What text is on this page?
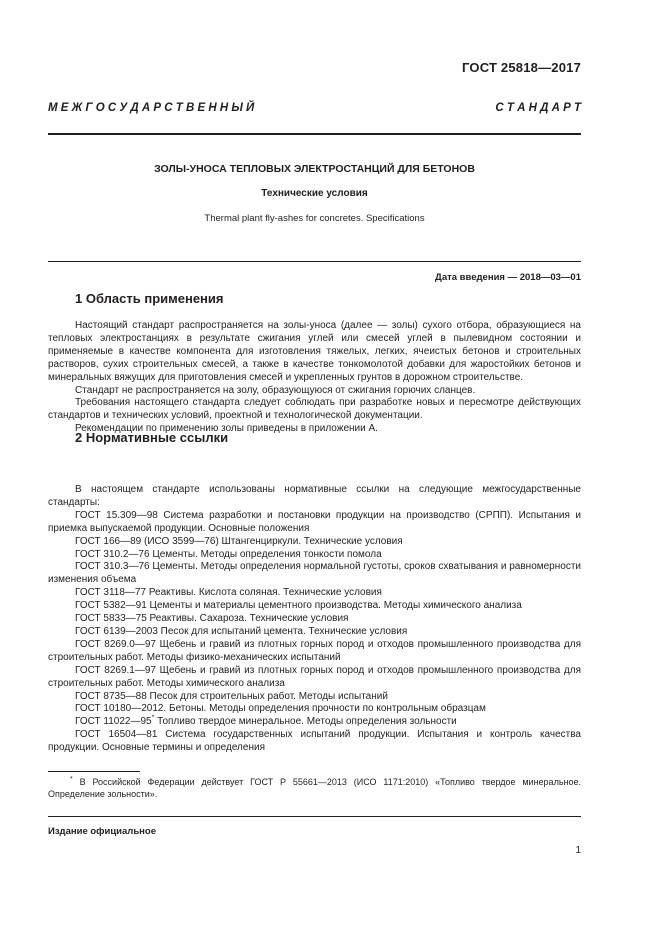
ГОСТ 25818—2017
М Е Ж Г О С У Д А Р С Т В Е Н Н Ы Й	С Т А Н Д А Р Т
ЗОЛЫ-УНОСА ТЕПЛОВЫХ ЭЛЕКТРОСТАНЦИЙ ДЛЯ БЕТОНОВ
Технические условия
Thermal plant fly-ashes for concretes. Specifications
Дата введения — 2018—03—01
1 Область применения

Настоящий стандарт распространяется на золы-уноса (далее — золы) сухого отбора, образующиеся на тепловых электростанциях в результате сжигания углей или смесей углей в пылевидном состоянии и применяемые в качестве компонента для изготовления тяжелых, легких, ячеистых бетонов и строительных растворов, сухих строительных смесей, а также в качестве тонкомолотой добавки для жаростойких бетонов и минеральных вяжущих для приготовления смесей и укрепленных грунтов в дорожном строительстве.

Стандарт не распространяется на золу, образующуюся от сжигания горючих сланцев.

Требования настоящего стандарта следует соблюдать при разработке новых и пересмотре действующих стандартов и технических условий, проектной и технологической документации.

Рекомендации по применению золы приведены в приложении А.

2 Нормативные ссылки

В настоящем стандарте использованы нормативные ссылки на следующие межгосударственные стандарты:

ГОСТ 15.309—98 Система разработки и постановки продукции на производство (СРПП). Испытания и приемка выпускаемой продукции. Основные положения

ГОСТ 166—89 (ИСО 3599—76) Штангенциркули. Технические условия

ГОСТ 310.2—76 Цементы. Методы определения тонкости помола

ГОСТ 310.3—76 Цементы. Методы определения нормальной густоты, сроков схватывания и равномерности изменения объема

ГОСТ 3118—77 Реактивы. Кислота соляная. Технические условия

ГОСТ 5382—91 Цементы и материалы цементного производства. Методы химического анализа

ГОСТ 5833—75 Реактивы. Сахароза. Технические условия

ГОСТ 6139—2003 Песок для испытаний цемента. Технические условия

ГОСТ 8269.0—97 Щебень и гравий из плотных горных пород и отходов промышленного производства для строительных работ. Методы физико-механических испытаний

ГОСТ 8269.1—97 Щебень и гравий из плотных горных пород и отходов промышленного производства для строительных работ. Методы химического анализа

ГОСТ 8735—88 Песок для строительных работ. Методы испытаний

ГОСТ 10180—2012. Бетоны. Методы определения прочности по контрольным образцам

ГОСТ 11022—95* Топливо твердое минеральное. Методы определения зольности

ГОСТ 16504—81 Система государственных испытаний продукции. Испытания и контроль качества продукции. Основные термины и определения

* В Российской Федерации действует ГОСТ Р 55661—2013 (ИСО 1171:2010) «Топливо твердое минеральное. Определение зольности».

Издание официальное
1
